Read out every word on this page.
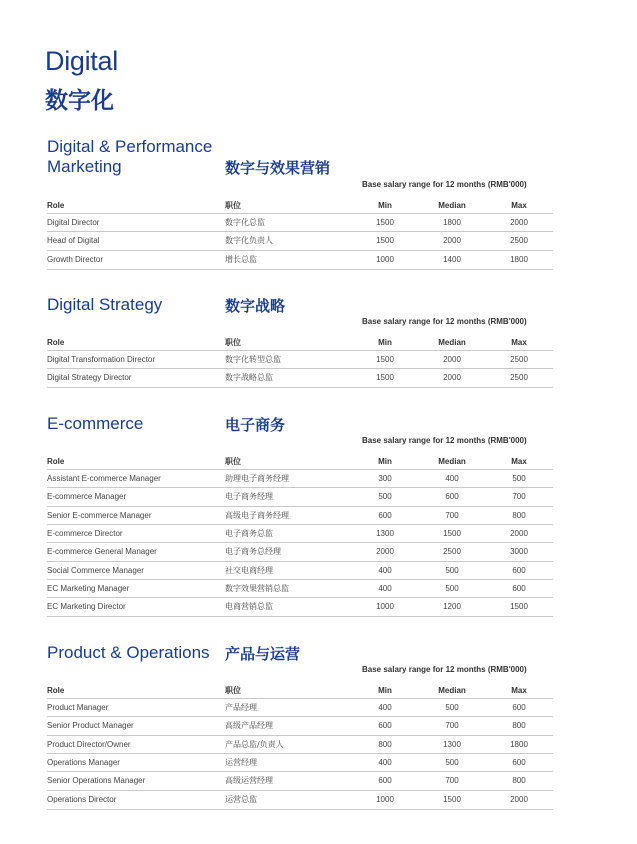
Digital
数字化
Digital & Performance Marketing	数字与效果营销
Base salary range for 12 months (RMB'000)
Role	职位	Min	Median	Max
Digital Director	数字化总监	1500	1800	2000
Head of Digital	数字化负责人	1500	2000	2500
Growth Director	增长总监	1000	1400	1800
Digital Strategy	数字战略
Base salary range for 12 months (RMB'000)
Role	职位	Min	Median	Max
Digital Transformation Director	数字化转型总监	1500	2000	2500
Digital Strategy Director	数字战略总监	1500	2000	2500
E-commerce	电子商务
Base salary range for 12 months (RMB'000)
Role	职位	Min	Median	Max
Assistant E-commerce Manager	助理电子商务经理	300	400	500
E-commerce Manager	电子商务经理	500	600	700
Senior E-commerce Manager	高级电子商务经理	600	700	800
E-commerce Director	电子商务总监	1300	1500	2000
E-commerce General Manager	电子商务总经理	2000	2500	3000
Social Commerce Manager	社交电商经理	400	500	600
EC Marketing Manager	数字效果营销总监	400	500	600
EC Marketing Director	电商营销总监	1000	1200	1500
Product & Operations	产品与运营
Base salary range for 12 months (RMB'000)
Role	职位	Min	Median	Max
Product Manager	产品经理	400	500	600
Senior Product Manager	高级产品经理	600	700	800
Product Director/Owner	产品总监/负责人	800	1300	1800
Operations Manager	运营经理	400	500	600
Senior Operations Manager	高级运营经理	600	700	800
Operations Director	运营总监	1000	1500	2000
